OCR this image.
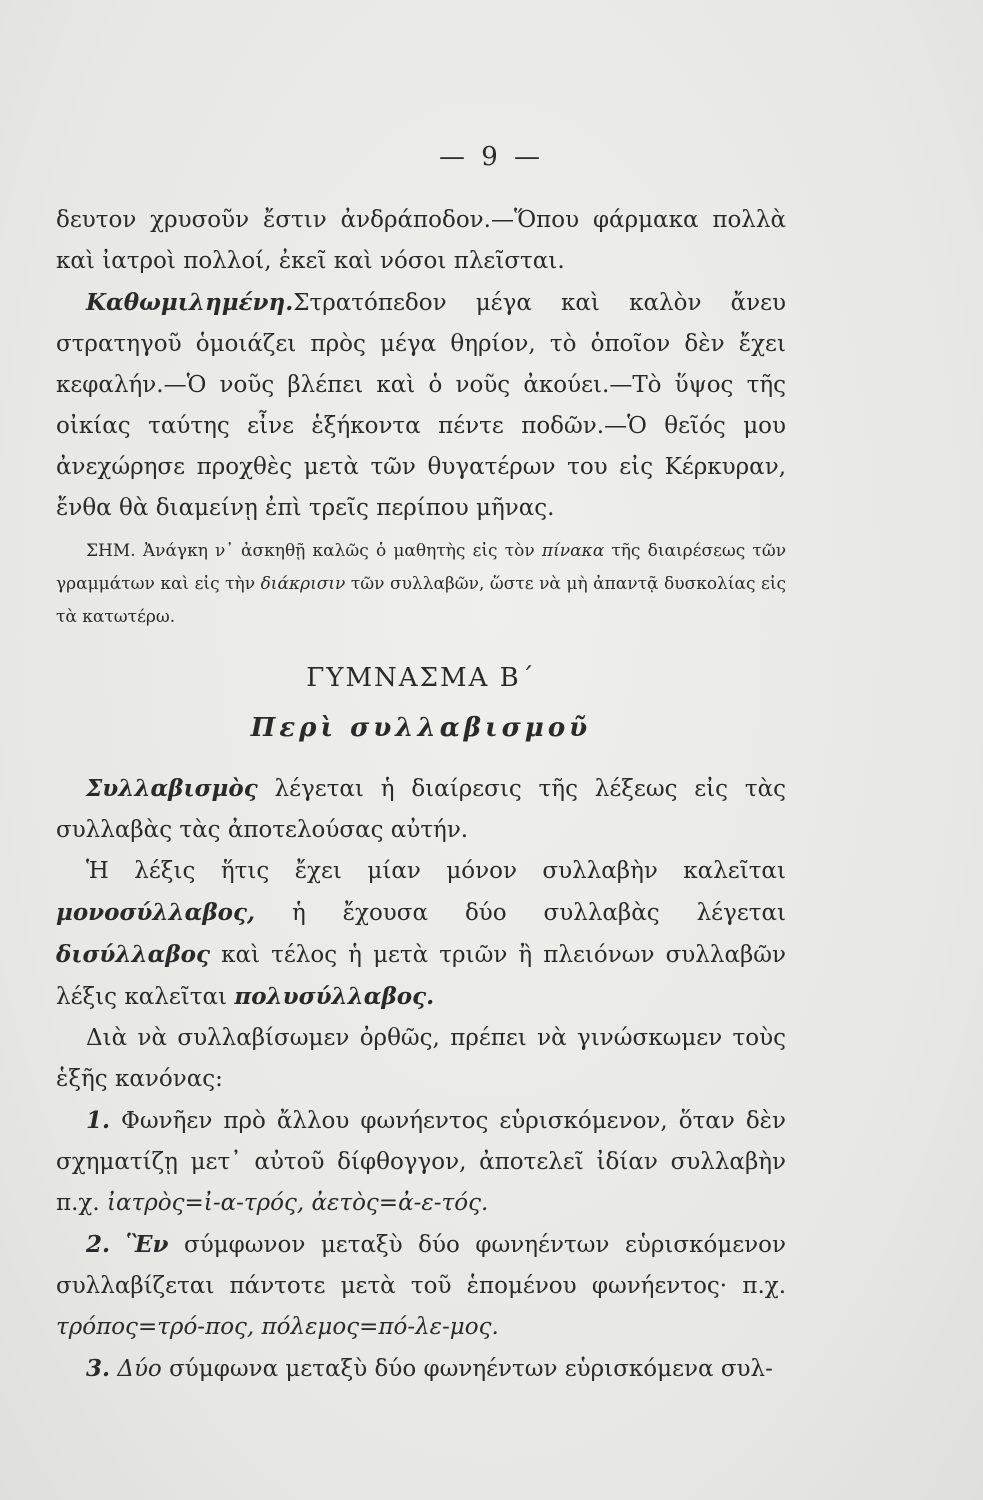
— 9 —

δευτον χρυσοῦν ἔστιν ἀνδράποδον.—Ὅπου φάρμακα πολλὰ καὶ ἰατροὶ πολλοί, ἐκεῖ καὶ νόσοι πλεῖσται.

Καθωμιλημένη.Στρατόπεδον μέγα καὶ καλὸν ἄνευ στρατηγοῦ ὁμοιάζει πρὸς μέγα θηρίον, τὸ ὁποῖον δὲν ἔχει κεφαλήν.—Ὁ νοῦς βλέπει καὶ ὁ νοῦς ἀκούει.—Τὸ ὕψος τῆς οἰκίας ταύτης εἶνε ἑξήκοντα πέντε ποδῶν.—Ὁ θεῖός μου ἀνεχώρησε προχθὲς μετὰ τῶν θυγατέρων του εἰς Κέρκυραν, ἔνθα θὰ διαμείνῃ ἐπὶ τρεῖς περίπου μῆνας.

ΣΗΜ. Ἀνάγκη ν᾽ ἀσκηθῇ καλῶς ὁ μαθητὴς εἰς τὸν πίνακα τῆς διαιρέσεως τῶν γραμμάτων καὶ εἰς τὴν διάκρισιν τῶν συλλαβῶν, ὥστε νὰ μὴ ἀπαντᾷ δυσκολίας εἰς τὰ κατωτέρω.

ΓΥΜΝΑΣΜΑ Β΄

Περὶ συλλαβισμοῦ

Συλλαβισμὸς λέγεται ἡ διαίρεσις τῆς λέξεως εἰς τὰς συλλαβὰς τὰς ἀποτελούσας αὐτήν.

Ἡ λέξις ἥτις ἔχει μίαν μόνον συλλαβὴν καλεῖται μονοσύλλαβος, ἡ ἔχουσα δύο συλλαβὰς λέγεται δισύλλαβος καὶ τέλος ἡ μετὰ τριῶν ἢ πλειόνων συλλαβῶν λέξις καλεῖται πολυσύλλαβος.

Διὰ νὰ συλλαβίσωμεν ὀρθῶς, πρέπει νὰ γινώσκωμεν τοὺς ἑξῆς κανόνας:

1. Φωνῆεν πρὸ ἄλλου φωνήεντος εὑρισκόμενον, ὅταν δὲν σχηματίζῃ μετ᾽ αὐτοῦ δίφθογγον, ἀποτελεῖ ἰδίαν συλλαβὴν π.χ. ἰατρὸς=ἰ-α-τρός, ἀετὸς=ἀ-ε-τός.

2. Ἓν σύμφωνον μεταξὺ δύο φωνηέντων εὑρισκόμενον συλλαβίζεται πάντοτε μετὰ τοῦ ἑπομένου φωνήεντος· π.χ. τρόπος=τρό-πος, πόλεμος=πό-λε-μος.

3. Δύο σύμφωνα μεταξὺ δύο φωνηέντων εὑρισκόμενα συλ-
